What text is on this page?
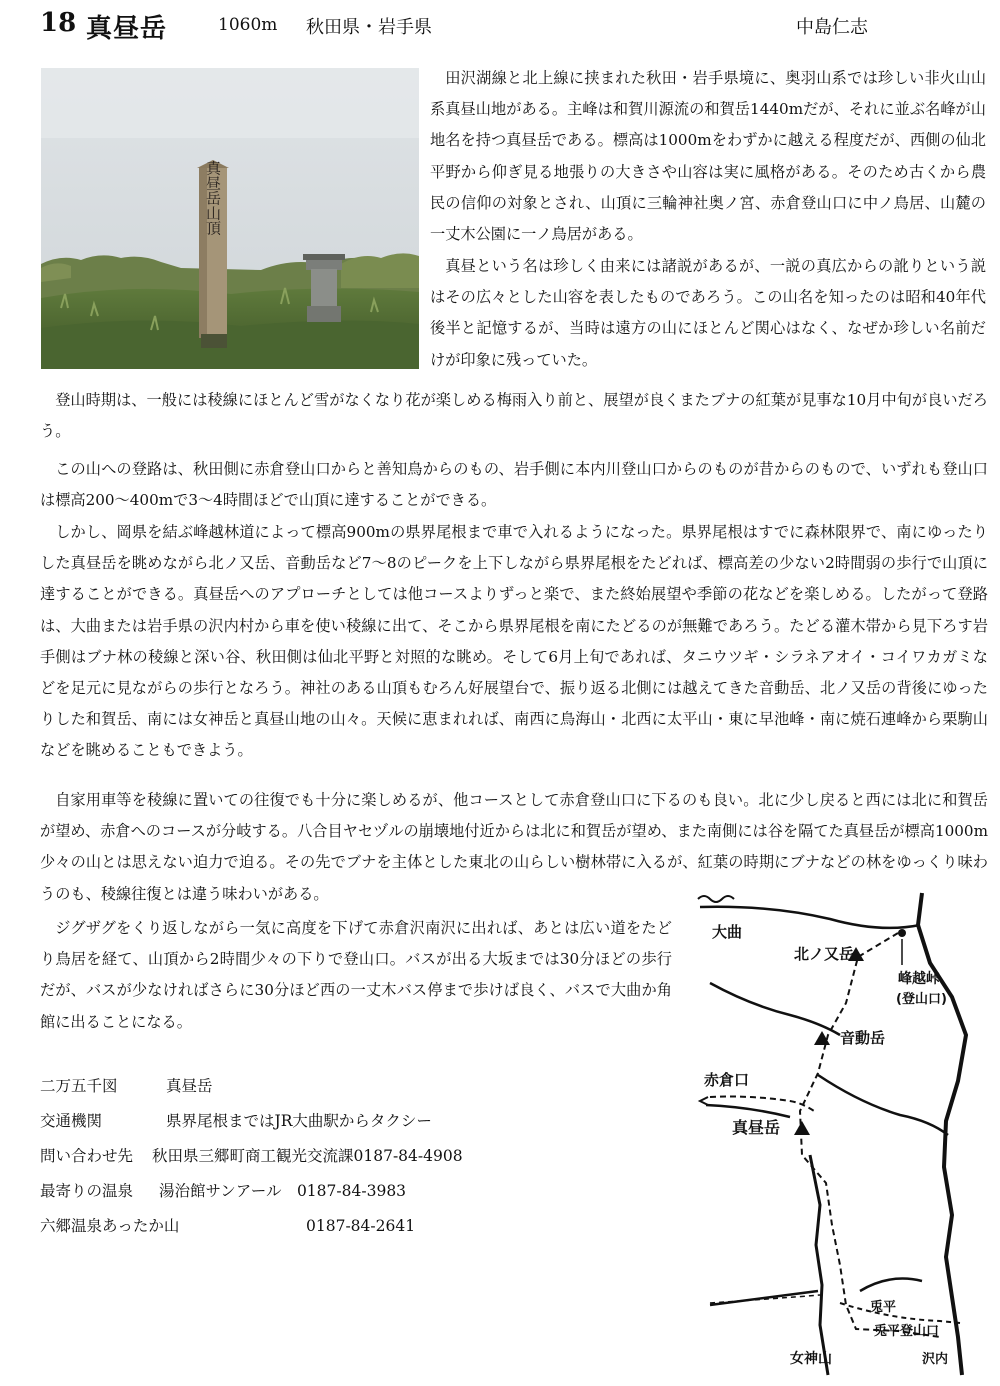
18 真昼岳	1060m 秋田県・岩手県	中島仁志
真昼岳山頂

田沢湖線と北上線に挟まれた秋田・岩手県境に、奥羽山系では珍しい非火山山系真昼山地がある。主峰は和賀川源流の和賀岳1440mだが、それに並ぶ名峰が山地名を持つ真昼岳である。標高は1000mをわずかに越える程度だが、西側の仙北平野から仰ぎ見る地張りの大きさや山容は実に風格がある。そのため古くから農民の信仰の対象とされ、山頂に三輪神社奥ノ宮、赤倉登山口に中ノ鳥居、山麓の一丈木公園に一ノ鳥居がある。

真昼という名は珍しく由来には諸説があるが、一説の真広からの訛りという説はその広々とした山容を表したものであろう。この山名を知ったのは昭和40年代後半と記憶するが、当時は遠方の山にほとんど関心はなく、なぜか珍しい名前だけが印象に残っていた。

登山時期は、一般には稜線にほとんど雪がなくなり花が楽しめる梅雨入り前と、展望が良くまたブナの紅葉が見事な10月中旬が良いだろう。

この山への登路は、秋田側に赤倉登山口からと善知鳥からのもの、岩手側に本内川登山口からのものが昔からのもので、いずれも登山口は標高200～400mで3～4時間ほどで山頂に達することができる。

しかし、岡県を結ぶ峰越林道によって標高900mの県界尾根まで車で入れるようになった。県界尾根はすでに森林限界で、南にゆったりした真昼岳を眺めながら北ノ又岳、音動岳など7～8のピークを上下しながら県界尾根をたどれば、標高差の少ない2時間弱の歩行で山頂に達することができる。真昼岳へのアプローチとしては他コースよりずっと楽で、また終始展望や季節の花などを楽しめる。したがって登路は、大曲または岩手県の沢内村から車を使い稜線に出て、そこから県界尾根を南にたどるのが無難であろう。たどる灌木帯から見下ろす岩手側はブナ林の稜線と深い谷、秋田側は仙北平野と対照的な眺め。そして6月上旬であれば、タニウツギ・シラネアオイ・コイワカガミなどを足元に見ながらの歩行となろう。神社のある山頂もむろん好展望台で、振り返る北側には越えてきた音動岳、北ノ又岳の背後にゆったりした和賀岳、南には女神岳と真昼山地の山々。天候に恵まれれば、南西に鳥海山・北西に太平山・東に早池峰・南に焼石連峰から栗駒山などを眺めることもできよう。

自家用車等を稜線に置いての往復でも十分に楽しめるが、他コースとして赤倉登山口に下るのも良い。北に少し戻ると西には北に和賀岳が望め、赤倉へのコースが分岐する。八合目ヤセヅルの崩壊地付近からは北に和賀岳が望め、また南側には谷を隔てた真昼岳が標高1000m少々の山とは思えない迫力で迫る。その先でブナを主体とした東北の山らしい樹林帯に入るが、紅葉の時期にブナなどの林をゆっくり味わうのも、稜線往復とは違う味わいがある。

ジグザグをくり返しながら一気に高度を下げて赤倉沢南沢に出れば、あとは広い道をたどり鳥居を経て、山頂から2時間少々の下りで登山口。バスが出る大坂までは30分ほどの歩行だが、バスが少なければさらに30分ほど西の一丈木バス停まで歩けば良く、バスで大曲か角館に出ることになる。

二万五千図	真昼岳
交通機関	県界尾根まではJR大曲駅からタクシー
問い合わせ先	秋田県三郷町商工観光交流課0187-84-4908
最寄りの温泉	湯治館サンアール　0187-84-3983
六郷温泉あったか山	0187-84-2641
大曲
北ノ又岳
峰越峠
(登山口)
音動岳
赤倉口
真昼岳
兎平
兎平登山口
女神山	沢内
